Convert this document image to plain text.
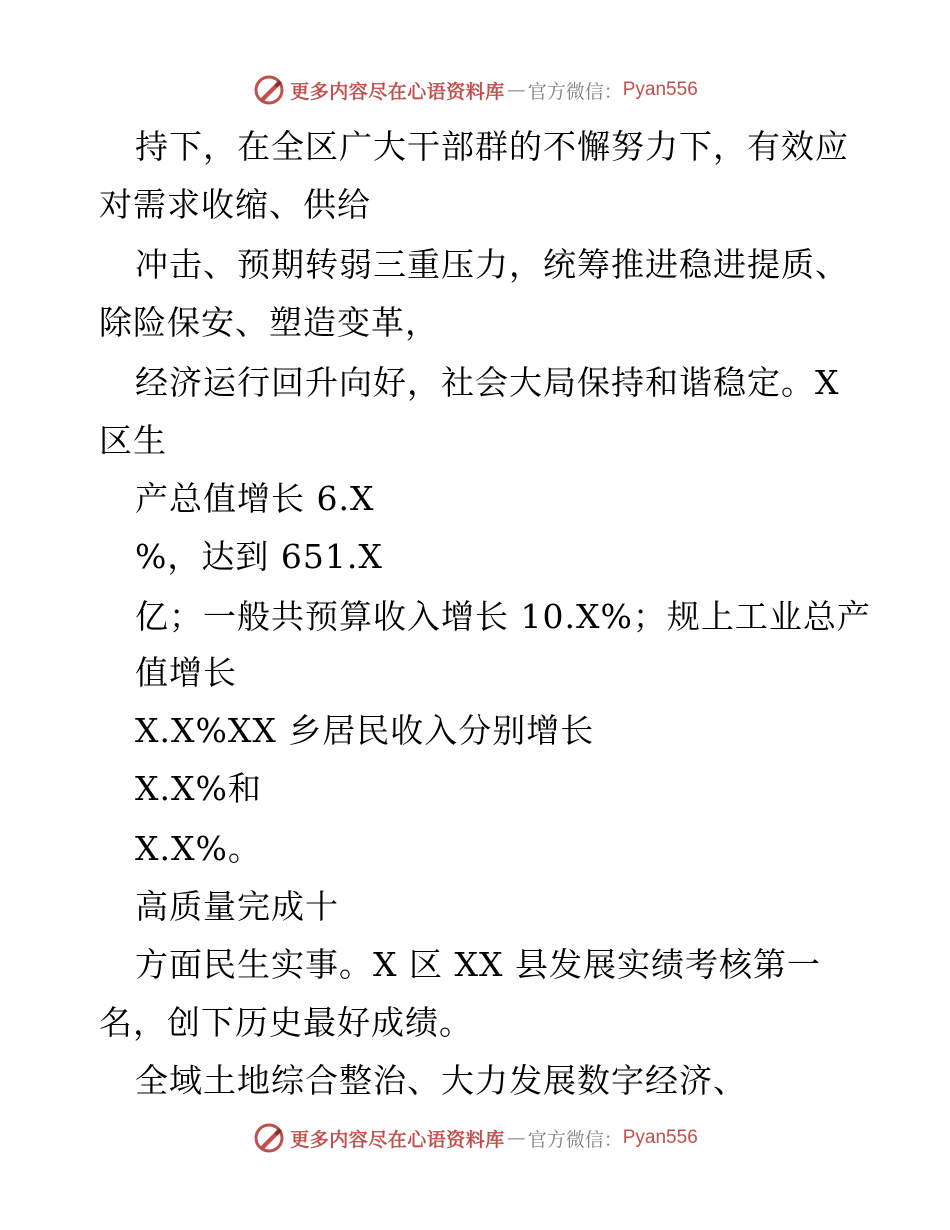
更多内容尽在心语资料库 — 官方微信： Pyan556
持下，在全区广大干部群的不懈努力下，有效应
对需求收缩、供给
冲击、预期转弱三重压力，统筹推进稳进提质、
除险保安、塑造变革，
经济运行回升向好，社会大局保持和谐稳定。X
区生
产总值增长 6.X
%，达到 651.X
亿；一般共预算收入增长 10.X%；规上工业总产
值增长
X.X%XX 乡居民收入分别增长
X.X%和
X.X%。
高质量完成十
方面民生实事。X 区 XX 县发展实绩考核第一
名，创下历史最好成绩。
全域土地综合整治、大力发展数字经济、
更多内容尽在心语资料库 — 官方微信： Pyan556
